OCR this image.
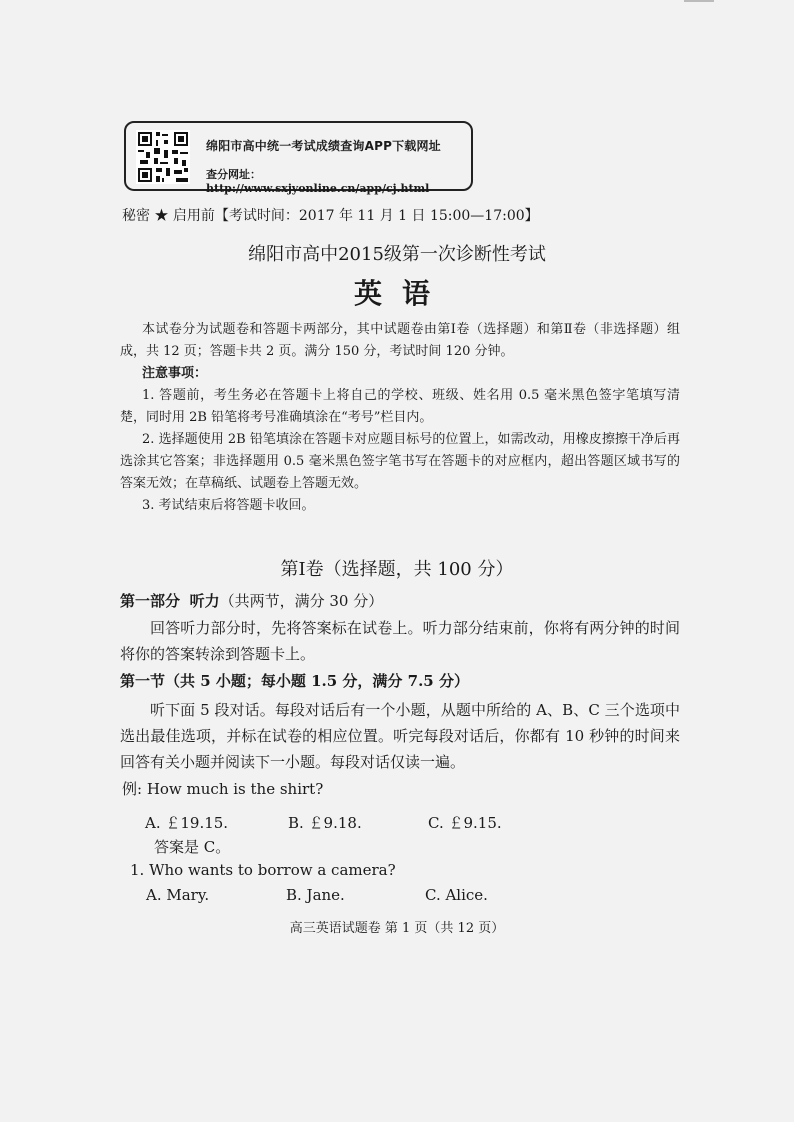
绵阳市高中统一考试成绩查询APP下载网址
查分网址：http://www.sxjyonline.cn/app/cj.html
秘密 ★ 启用前【考试时间：2017 年 11 月 1 日 15:00—17:00】
绵阳市高中2015级第一次诊断性考试
英语

本试卷分为试题卷和答题卡两部分，其中试题卷由第Ⅰ卷（选择题）和第Ⅱ卷（非选择题）组成，共 12 页；答题卡共 2 页。满分 150 分，考试时间 120 分钟。

注意事项：

1. 答题前，考生务必在答题卡上将自己的学校、班级、姓名用 0.5 毫米黑色签字笔填写清楚，同时用 2B 铅笔将考号准确填涂在“考号”栏目内。

2. 选择题使用 2B 铅笔填涂在答题卡对应题目标号的位置上，如需改动，用橡皮擦擦干净后再选涂其它答案；非选择题用 0.5 毫米黑色签字笔书写在答题卡的对应框内，超出答题区域书写的答案无效；在草稿纸、试题卷上答题无效。

3. 考试结束后将答题卡收回。

第Ⅰ卷（选择题，共 100 分）
第一部分 听力（共两节，满分 30 分）

回答听力部分时，先将答案标在试卷上。听力部分结束前，你将有两分钟的时间将你的答案转涂到答题卡上。

第一节（共 5 小题；每小题 1.5 分，满分 7.5 分）

听下面 5 段对话。每段对话后有一个小题，从题中所给的 A、B、C 三个选项中选出最佳选项，并标在试卷的相应位置。听完每段对话后，你都有 10 秒钟的时间来回答有关小题并阅读下一小题。每段对话仅读一遍。

例: How much is the shirt?
A. ￡19.15.	B. ￡9.18.	C. ￡9.15.
答案是 C。
1. Who wants to borrow a camera?
A. Mary.	B. Jane.	C. Alice.
高三英语试题卷 第 1 页（共 12 页）
